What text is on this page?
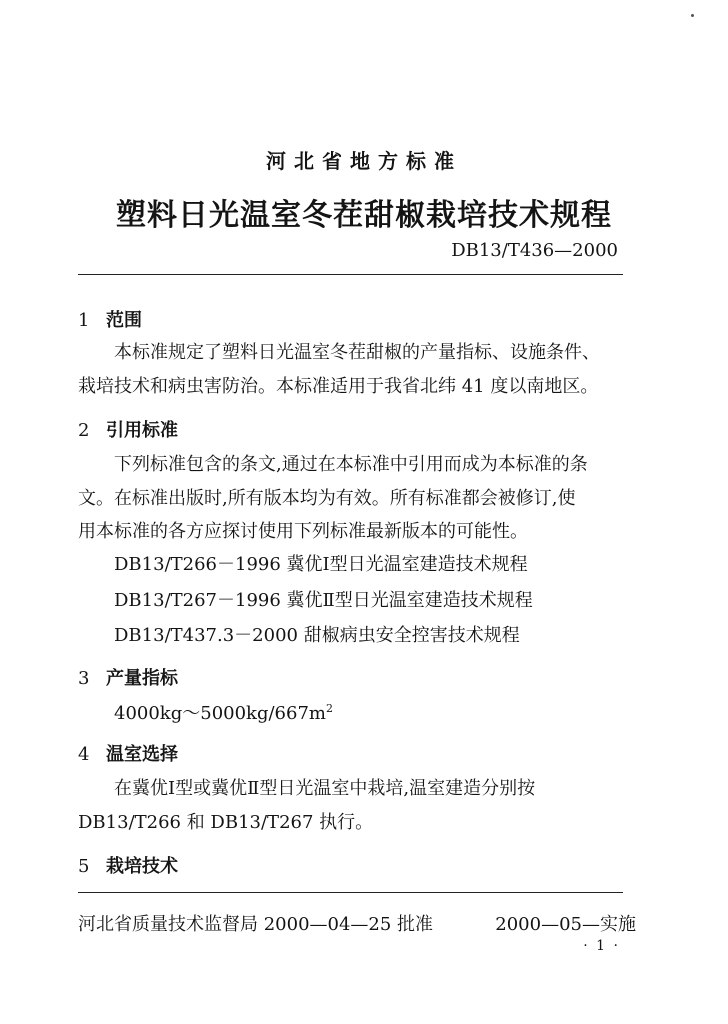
河北省地方标准
塑料日光温室冬茬甜椒栽培技术规程
DB13/T436—2000
1 范围
本标准规定了塑料日光温室冬茬甜椒的产量指标、设施条件、
栽培技术和病虫害防治。本标准适用于我省北纬 41 度以南地区。
2 引用标准
下列标准包含的条文,通过在本标准中引用而成为本标准的条
文。在标准出版时,所有版本均为有效。所有标准都会被修订,使
用本标准的各方应探讨使用下列标准最新版本的可能性。
DB13/T266－1996 冀优Ⅰ型日光温室建造技术规程
DB13/T267－1996 冀优Ⅱ型日光温室建造技术规程
DB13/T437.3－2000 甜椒病虫安全控害技术规程
3 产量指标
$4000kg\sim 5000kg/667m^2$
4 温室选择
在冀优Ⅰ型或冀优Ⅱ型日光温室中栽培,温室建造分别按
DB13/T266 和 DB13/T267 执行。
5 栽培技术
河北省质量技术监督局 2000—04—25 批准	2000—05—实施
· 1 ·
